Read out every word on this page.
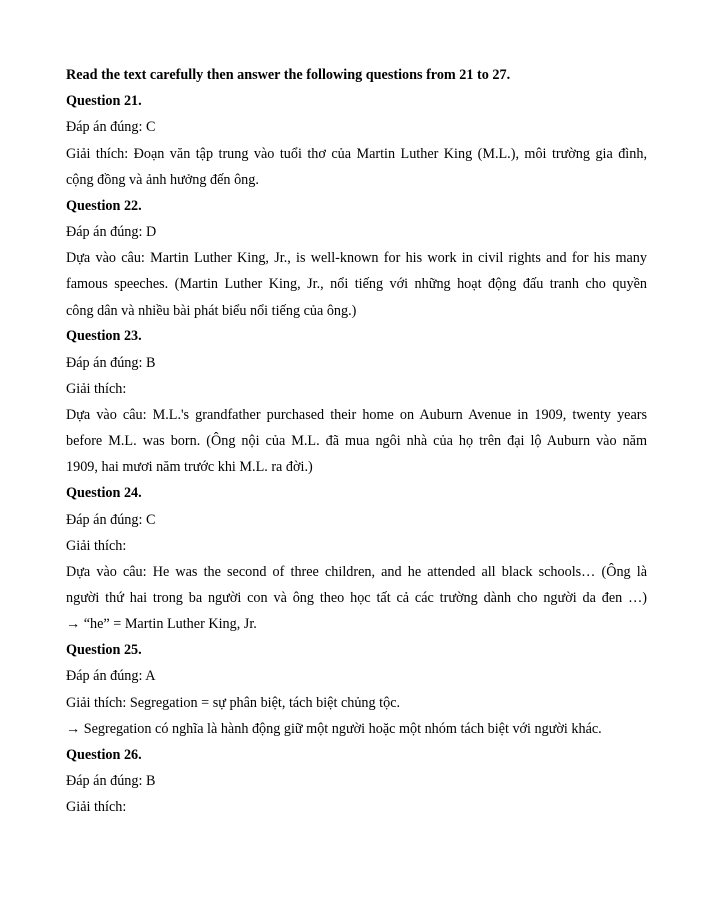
Read the text carefully then answer the following questions from 21 to 27.
Question 21.
Đáp án đúng: C
Giải thích: Đoạn văn tập trung vào tuổi thơ của Martin Luther King (M.L.), môi trường gia đình,
cộng đồng và ảnh hưởng đến ông.
Question 22.
Đáp án đúng: D
Dựa vào câu: Martin Luther King, Jr., is well-known for his work in civil rights and for his many
famous speeches. (Martin Luther King, Jr., nổi tiếng với những hoạt động đấu tranh cho quyền
công dân và nhiều bài phát biểu nổi tiếng của ông.)
Question 23.
Đáp án đúng: B
Giải thích:
Dựa vào câu: M.L.'s grandfather purchased their home on Auburn Avenue in 1909, twenty years
before M.L. was born. (Ông nội của M.L. đã mua ngôi nhà của họ trên đại lộ Auburn vào năm
1909, hai mươi năm trước khi M.L. ra đời.)
Question 24.
Đáp án đúng: C
Giải thích:
Dựa vào câu: He was the second of three children, and he attended all black schools… (Ông là
người thứ hai trong ba người con và ông theo học tất cả các trường dành cho người da đen …)
→ “he” = Martin Luther King, Jr.
Question 25.
Đáp án đúng: A
Giải thích: Segregation = sự phân biệt, tách biệt chủng tộc.
→ Segregation có nghĩa là hành động giữ một người hoặc một nhóm tách biệt với người khác.
Question 26.
Đáp án đúng: B
Giải thích:
